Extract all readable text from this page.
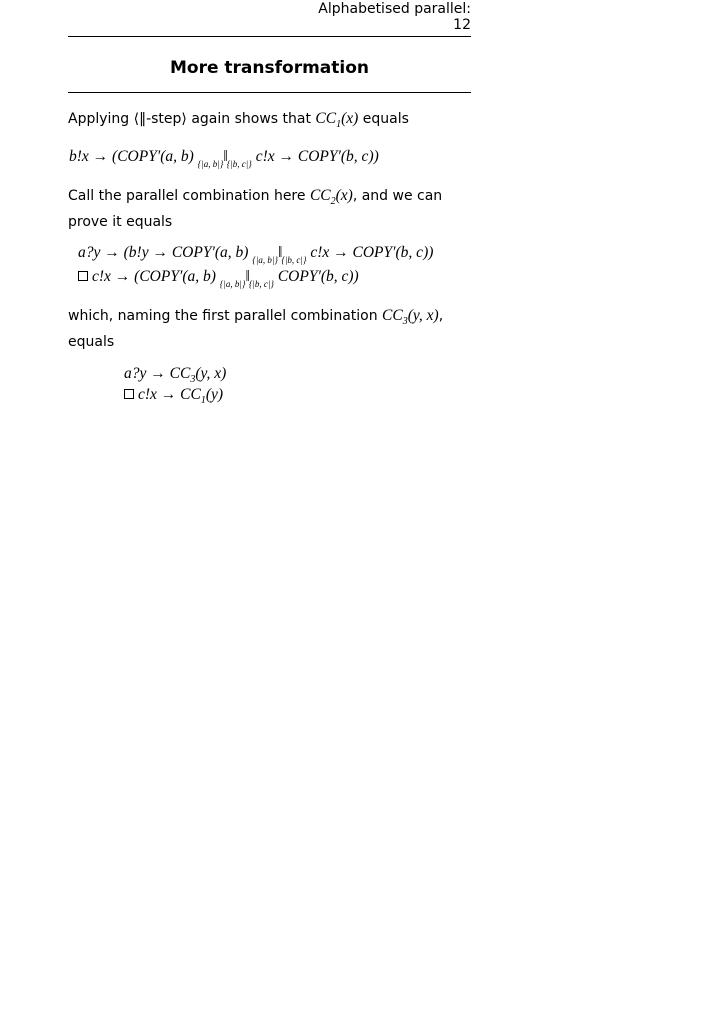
Alphabetised parallel: 12
More transformation
Applying ⟨‖-step⟩ again shows that $CC_1(x)$ equals
b!x → (COPY′(a, b) $_{\{|a, b|\}}‖_{\{|b, c|\}}$ c!x → COPY′(b, c))
Call the parallel combination here $CC_2(x)$, and we can prove it equals
a?y → (b!y → COPY′(a, b) $_{\{|a, b|\}}‖_{\{|b, c|\}}$ c!x → COPY′(b, c))
c!x → (COPY′(a, b) $_{\{|a, b|\}}‖_{\{|b, c|\}}$ COPY′(b, c))
which, naming the first parallel combination $CC_3(y$, x), equals
a?y → $CC_3(y$, x)
$c!x \to CC_1(y)$
